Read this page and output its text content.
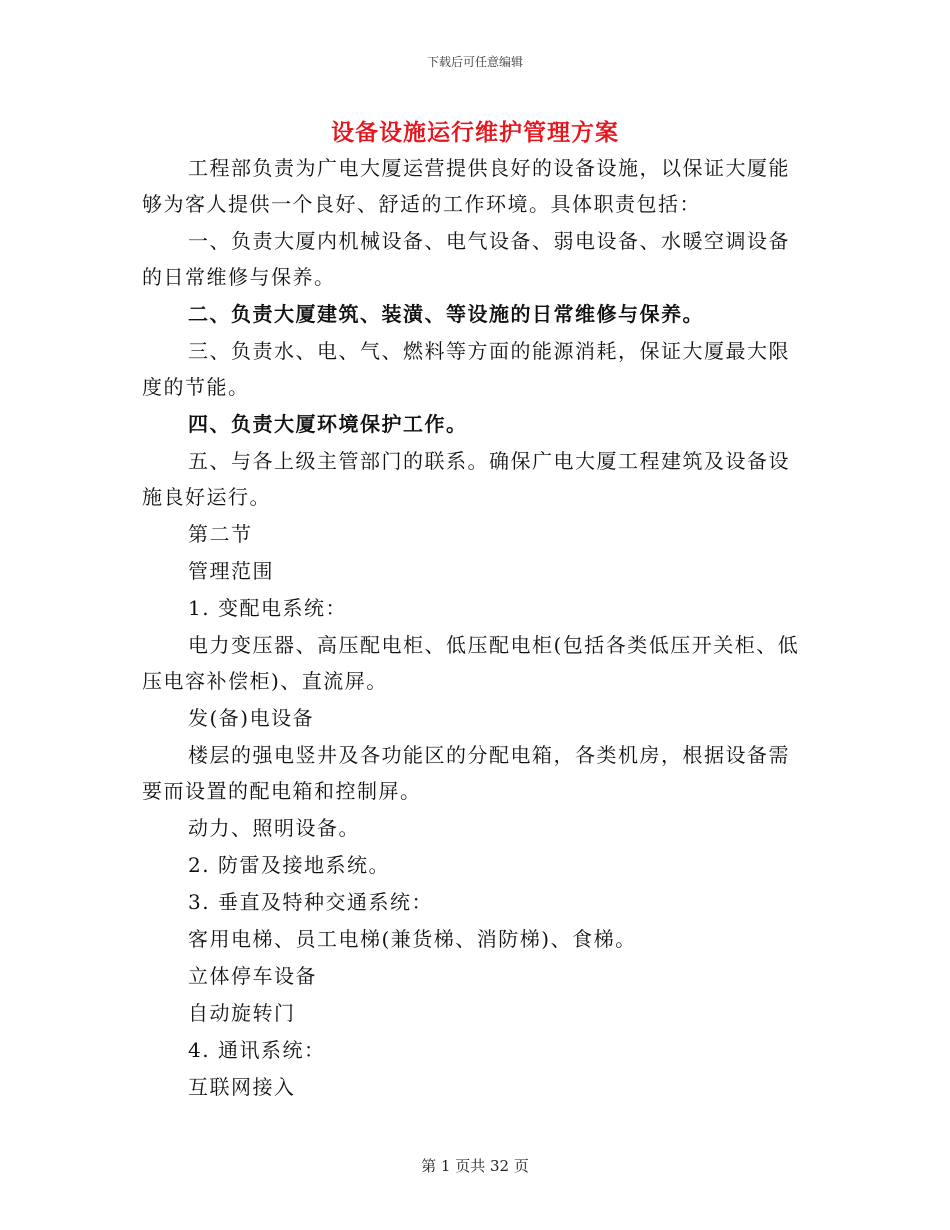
下载后可任意编辑
设备设施运行维护管理方案

工程部负责为广电大厦运营提供良好的设备设施，以保证大厦能够为客人提供一个良好、舒适的工作环境。具体职责包括：

一、负责大厦内机械设备、电气设备、弱电设备、水暖空调设备的日常维修与保养。

二、负责大厦建筑、装潢、等设施的日常维修与保养。

三、负责水、电、气、燃料等方面的能源消耗，保证大厦最大限度的节能。

四、负责大厦环境保护工作。

五、与各上级主管部门的联系。确保广电大厦工程建筑及设备设施良好运行。

第二节

管理范围

1. 变配电系统：

电力变压器、高压配电柜、低压配电柜(包括各类低压开关柜、低压电容补偿柜)、直流屏。

发(备)电设备

楼层的强电竖井及各功能区的分配电箱，各类机房，根据设备需要而设置的配电箱和控制屏。

动力、照明设备。

2. 防雷及接地系统。

3. 垂直及特种交通系统：

客用电梯、员工电梯(兼货梯、消防梯)、食梯。

立体停车设备

自动旋转门

4. 通讯系统：

互联网接入

第 1 页共 32 页
